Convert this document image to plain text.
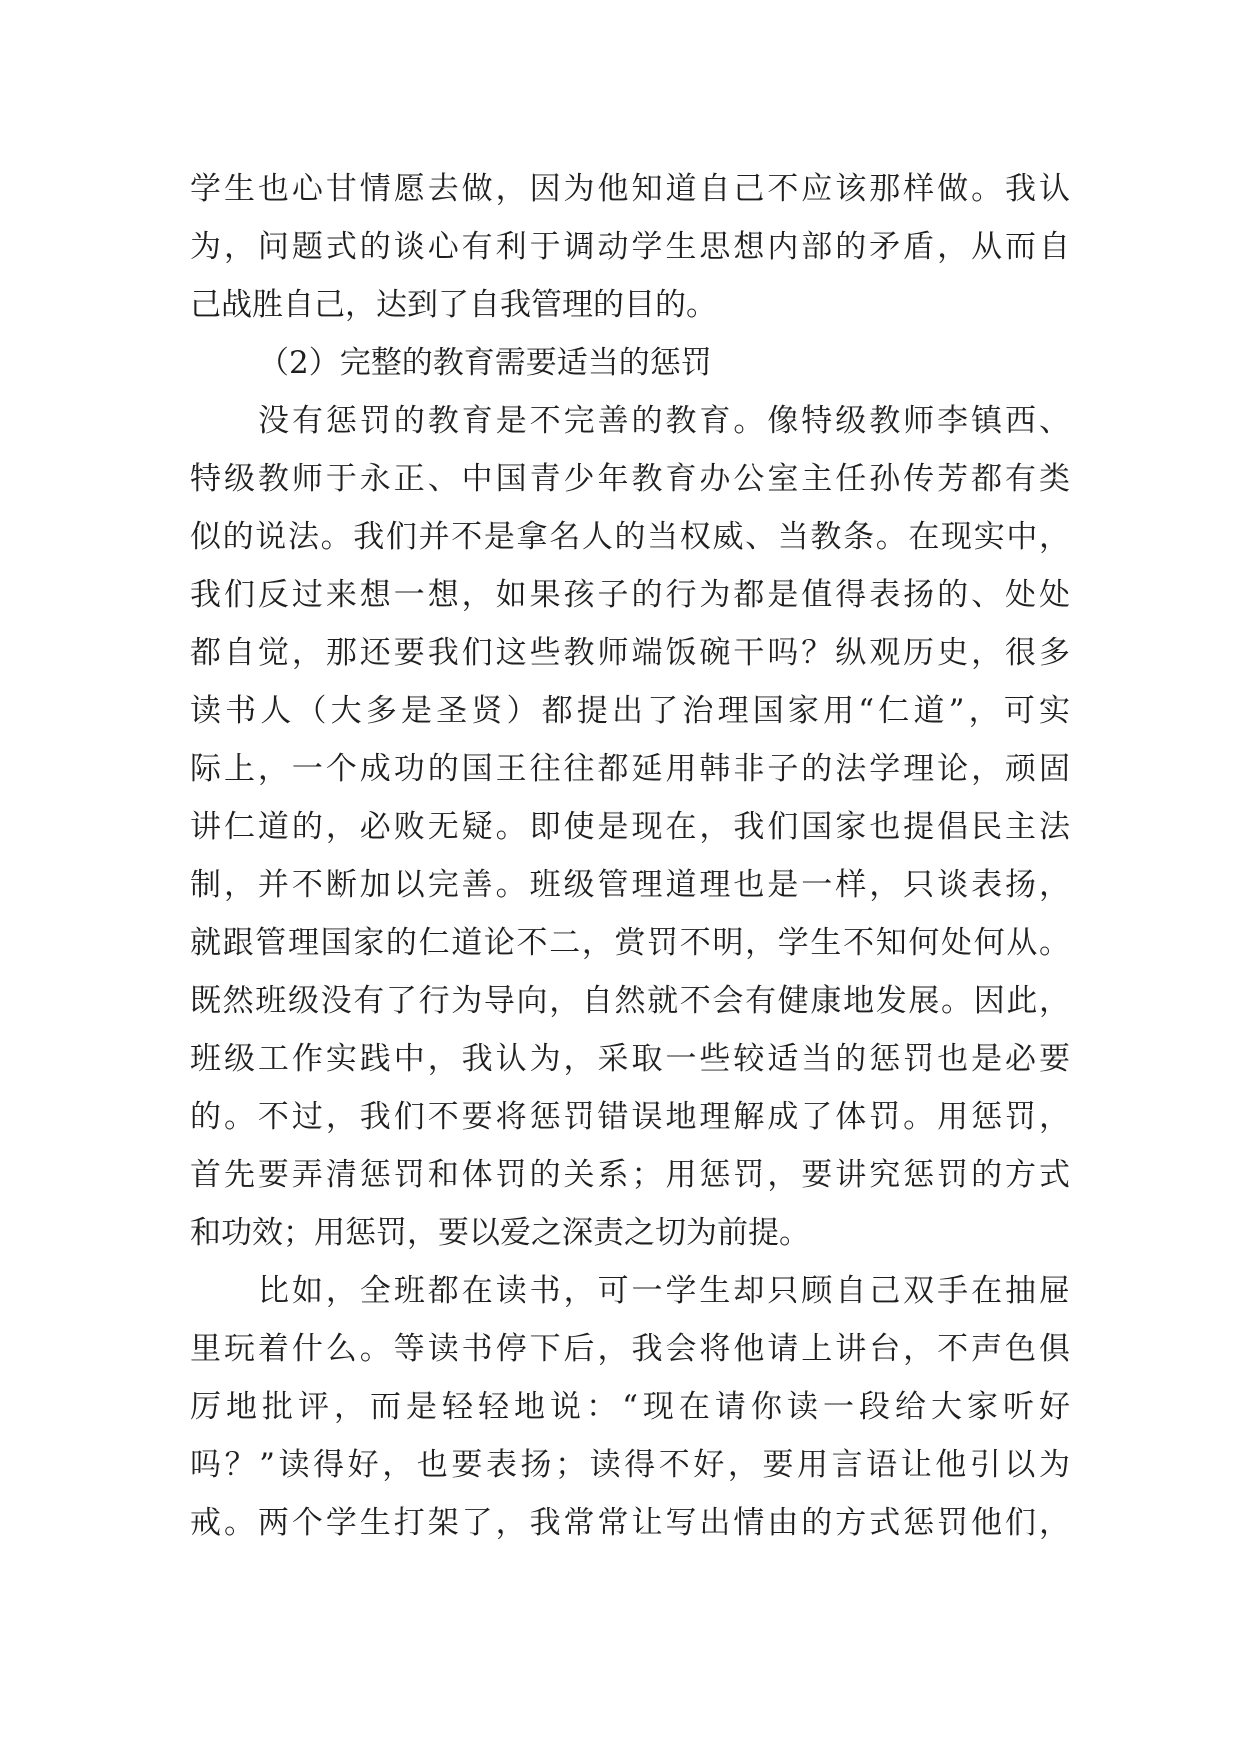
学生也心甘情愿去做，因为他知道自己不应该那样做。我认
为，问题式的谈心有利于调动学生思想内部的矛盾，从而自
己战胜自己，达到了自我管理的目的。
（2）完整的教育需要适当的惩罚
没有惩罚的教育是不完善的教育。像特级教师李镇西、
特级教师于永正、中国青少年教育办公室主任孙传芳都有类
似的说法。我们并不是拿名人的当权威、当教条。在现实中，
我们反过来想一想，如果孩子的行为都是值得表扬的、处处
都自觉，那还要我们这些教师端饭碗干吗？纵观历史，很多
读书人（大多是圣贤）都提出了治理国家用“仁道”，可实
际上，一个成功的国王往往都延用韩非子的法学理论，顽固
讲仁道的，必败无疑。即使是现在，我们国家也提倡民主法
制，并不断加以完善。班级管理道理也是一样，只谈表扬，
就跟管理国家的仁道论不二，赏罚不明，学生不知何处何从。
既然班级没有了行为导向，自然就不会有健康地发展。因此，
班级工作实践中，我认为，采取一些较适当的惩罚也是必要
的。不过，我们不要将惩罚错误地理解成了体罚。用惩罚，
首先要弄清惩罚和体罚的关系；用惩罚，要讲究惩罚的方式
和功效；用惩罚，要以爱之深责之切为前提。
比如，全班都在读书，可一学生却只顾自己双手在抽屉
里玩着什么。等读书停下后，我会将他请上讲台，不声色俱
厉地批评，而是轻轻地说：“现在请你读一段给大家听好
吗？”读得好，也要表扬；读得不好，要用言语让他引以为
戒。两个学生打架了，我常常让写出情由的方式惩罚他们，
